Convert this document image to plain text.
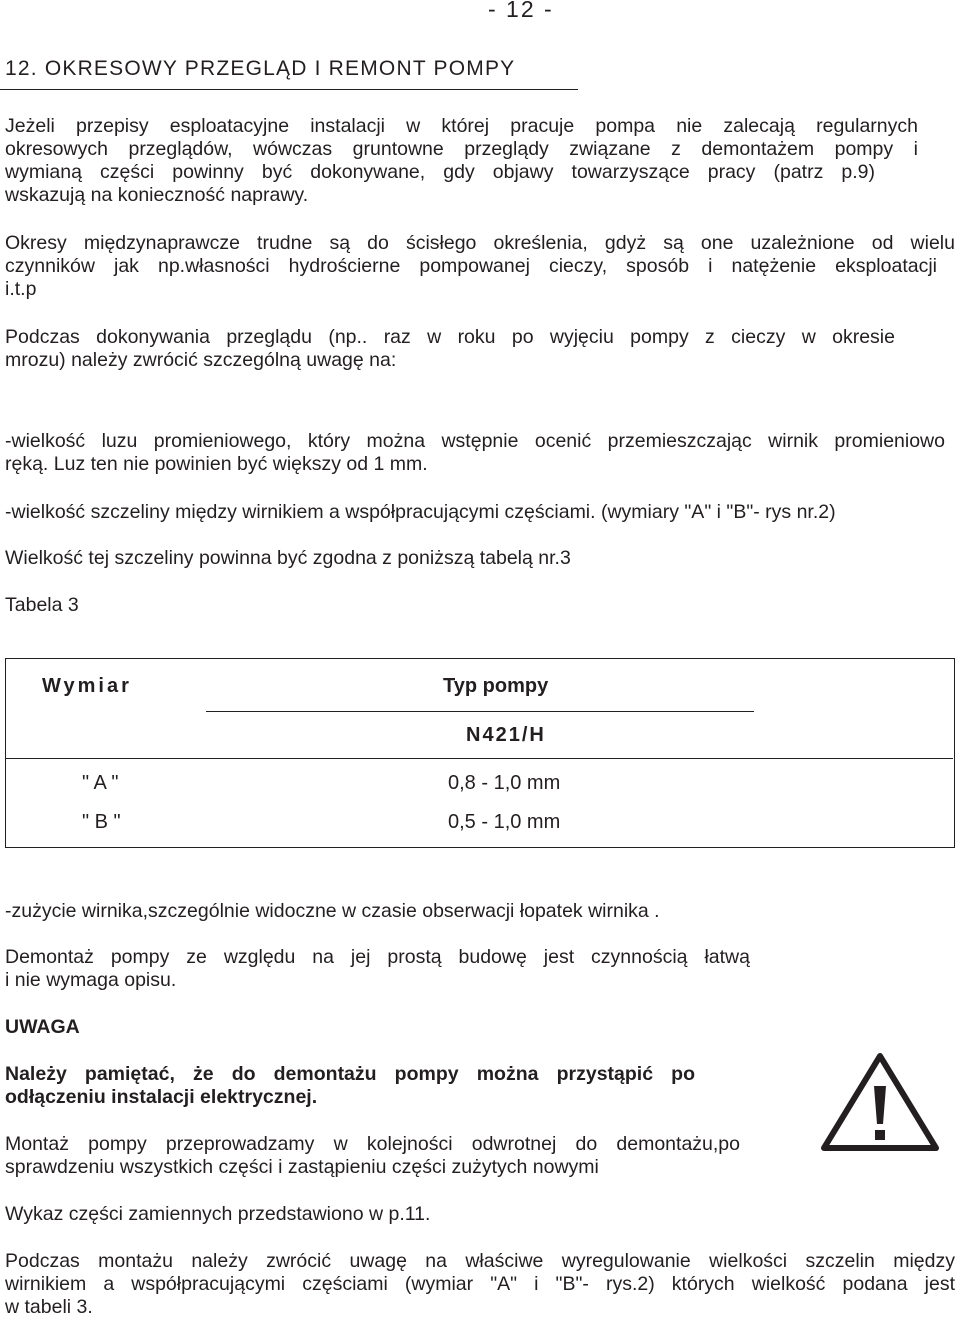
- 12 -
12. OKRESOWY PRZEGLĄD I REMONT POMPY
Jeżeli przepisy esploatacyjne instalacji w której pracuje pompa nie zalecają regularnych
okresowych przeglądów, wówczas gruntowne przeglądy związane z demontażem pompy i
wymianą części powinny być dokonywane, gdy objawy towarzyszące pracy (patrz p.9)
wskazują na konieczność naprawy.
Okresy międzynaprawcze trudne są do ścisłego określenia, gdyż są one uzależnione od wielu
czynników jak np.własności hydrościerne pompowanej cieczy, sposób i natężenie eksploatacji
i.t.p
Podczas dokonywania przeglądu (np.. raz w roku po wyjęciu pompy z cieczy w okresie
mrozu) należy zwrócić szczególną uwagę na:
-wielkość luzu promieniowego, który można wstępnie ocenić przemieszczając wirnik promieniowo
ręką. Luz ten nie powinien być większy od 1 mm.
-wielkość szczeliny między wirnikiem a współpracującymi częściami. (wymiary "A" i "B"- rys nr.2)
Wielkość tej szczeliny powinna być zgodna z poniższą tabelą nr.3
Tabela 3
Wymiar	Typ pompy
N421/H
" A "	0,8 - 1,0 mm
" B "	0,5 - 1,0 mm
-zużycie wirnika,szczególnie widoczne w czasie obserwacji łopatek wirnika .
Demontaż pompy ze względu na jej prostą budowę jest czynnością łatwą
i nie wymaga opisu.
UWAGA
Należy pamiętać, że do demontażu pompy można przystąpić po
odłączeniu instalacji elektrycznej.
Montaż pompy przeprowadzamy w kolejności odwrotnej do demontażu,po
sprawdzeniu wszystkich części i zastąpieniu części zużytych nowymi
Wykaz części zamiennych przedstawiono w p.11.
Podczas montażu należy zwrócić uwagę na właściwe wyregulowanie wielkości szczelin między
wirnikiem a współpracującymi częściami (wymiar "A" i "B"- rys.2) których wielkość podana jest
w tabeli 3.
